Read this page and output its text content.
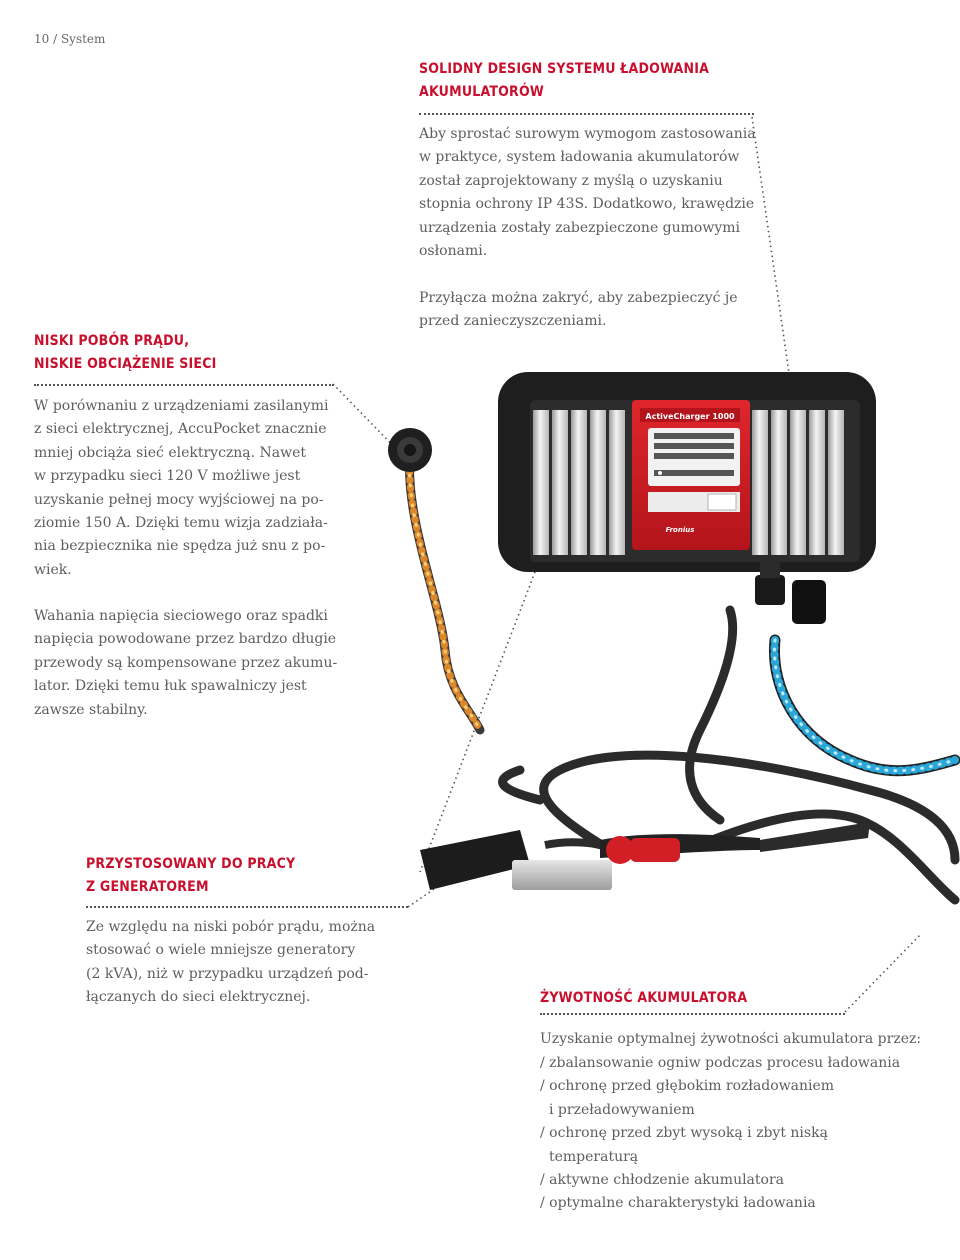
10 / System
ActiveCharger 1000
Fronius
SOLIDNY DESIGN SYSTEMU ŁADOWANIA
AKUMULATORÓW

Aby sprostać surowym wymogom zastosowania
w praktyce, system ładowania akumulatorów
został zaprojektowany z myślą o uzyskaniu
stopnia ochrony IP 43S. Dodatkowo, krawędzie
urządzenia zostały zabezpieczone gumowymi
osłonami.

Przyłącza można zakryć, aby zabezpieczyć je
przed zanieczyszczeniami.

NISKI POBÓR PRĄDU,
NISKIE OBCIĄŻENIE SIECI

W porównaniu z urządzeniami zasilanymi
z sieci elektrycznej, AccuPocket znacznie
mniej obciąża sieć elektryczną. Nawet
w przypadku sieci 120 V możliwe jest
uzyskanie pełnej mocy wyjściowej na po-
ziomie 150 A. Dzięki temu wizja zadziała-
nia bezpiecznika nie spędza już snu z po-
wiek.

Wahania napięcia sieciowego oraz spadki
napięcia powodowane przez bardzo długie
przewody są kompensowane przez akumu-
lator. Dzięki temu łuk spawalniczy jest
zawsze stabilny.

PRZYSTOSOWANY DO PRACY
Z GENERATOREM

Ze względu na niski pobór prądu, można
stosować o wiele mniejsze generatory
(2 kVA), niż w przypadku urządzeń pod-
łączanych do sieci elektrycznej.	ŻYWOTNOŚĆ AKUMULATORA

Uzyskanie optymalnej żywotności akumulatora przez:

/ zbalansowanie ogniw podczas procesu ładowania
/ ochronę przed głębokim rozładowaniem
i przeładowywaniem
/ ochronę przed zbyt wysoką i zbyt niską
temperaturą
/ aktywne chłodzenie akumulatora
/ optymalne charakterystyki ładowania
